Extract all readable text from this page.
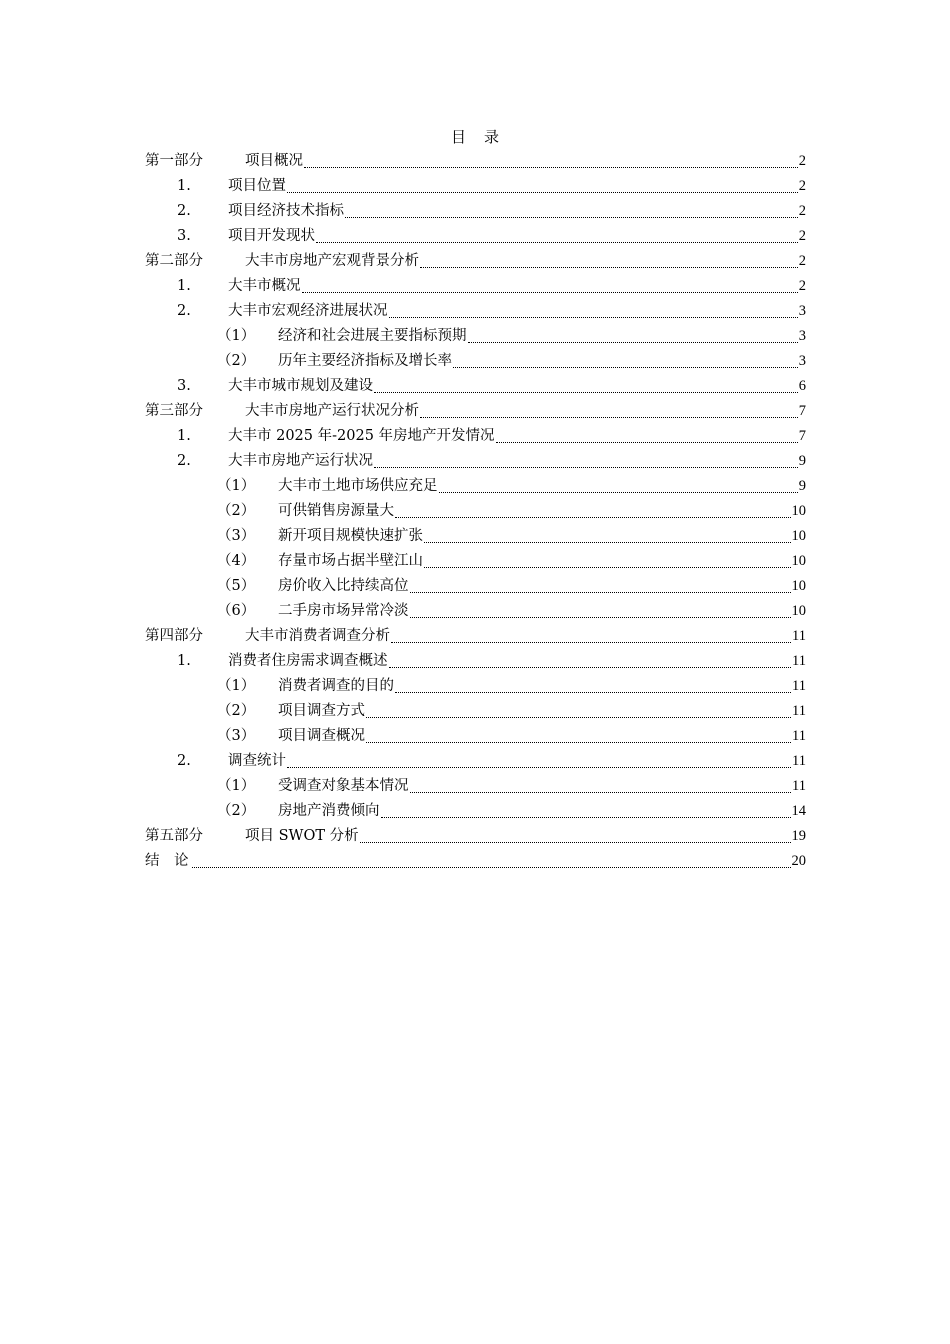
目 录
第一部分	项目概况	2
1.	项目位置	2
2.	项目经济技术指标	2
3.	项目开发现状	2
第二部分	大丰市房地产宏观背景分析	2
1.	大丰市概况	2
2.	大丰市宏观经济进展状况	3
（1）	经济和社会进展主要指标预期	3
（2）	历年主要经济指标及增长率	3
3.	大丰市城市规划及建设	6
第三部分	大丰市房地产运行状况分析	7
1.	大丰市 2025 年-2025 年房地产开发情况	7
2.	大丰市房地产运行状况	9
（1）	大丰市土地市场供应充足	9
（2）	可供销售房源量大	10
（3）	新开项目规模快速扩张	10
（4）	存量市场占据半壁江山	10
（5）	房价收入比持续高位	10
（6）	二手房市场异常冷淡	10
第四部分	大丰市消费者调查分析	11
1.	消费者住房需求调查概述	11
（1）	消费者调查的目的	11
（2）	项目调查方式	11
（3）	项目调查概况	11
2.	调查统计	11
（1）	受调查对象基本情况	11
（2）	房地产消费倾向	14
第五部分	项目 SWOT 分析	19
结　论	20
